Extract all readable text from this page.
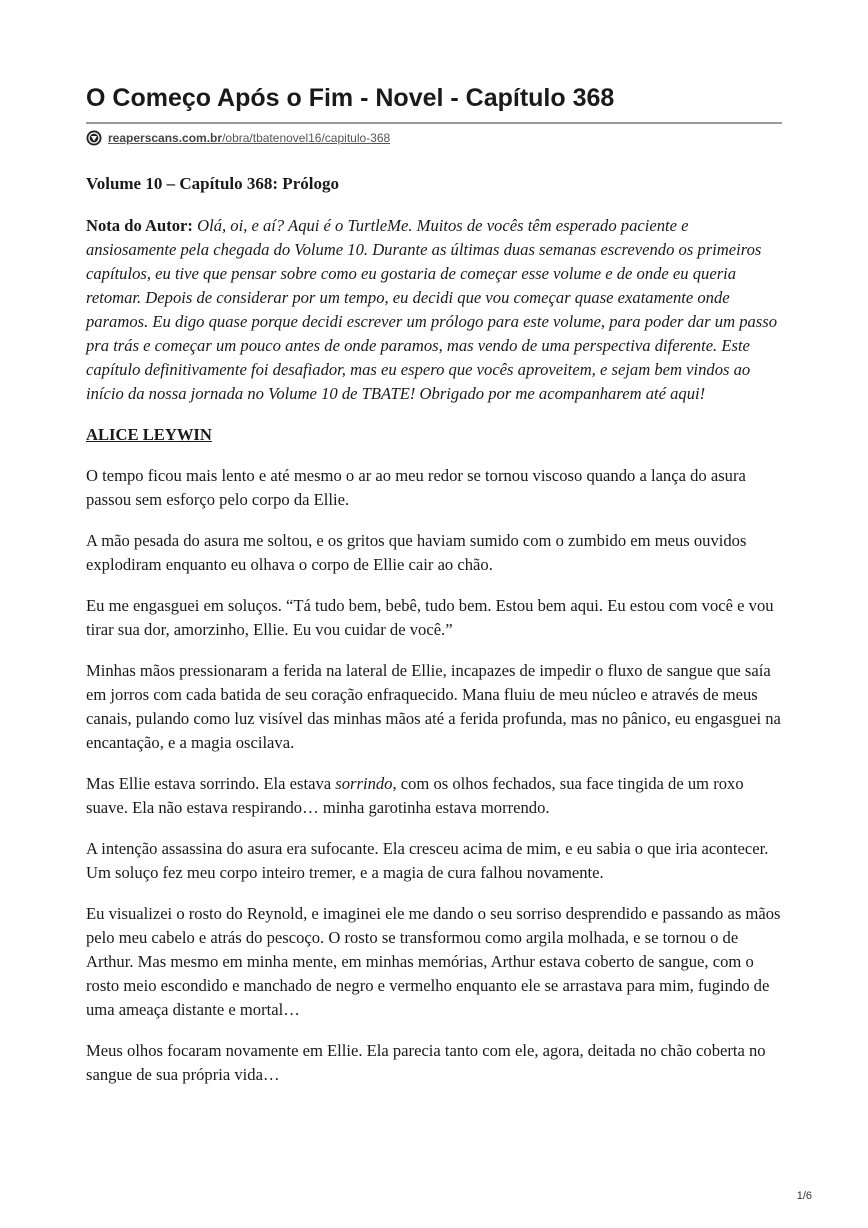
O Começo Após o Fim - Novel - Capítulo 368
reaperscans.com.br/obra/tbatenovel16/capitulo-368
Volume 10 – Capítulo 368: Prólogo

Nota do Autor: Olá, oi, e aí? Aqui é o TurtleMe. Muitos de vocês têm esperado paciente e ansiosamente pela chegada do Volume 10. Durante as últimas duas semanas escrevendo os primeiros capítulos, eu tive que pensar sobre como eu gostaria de começar esse volume e de onde eu queria retomar. Depois de considerar por um tempo, eu decidi que vou começar quase exatamente onde paramos. Eu digo quase porque decidi escrever um prólogo para este volume, para poder dar um passo pra trás e começar um pouco antes de onde paramos, mas vendo de uma perspectiva diferente. Este capítulo definitivamente foi desafiador, mas eu espero que vocês aproveitem, e sejam bem vindos ao início da nossa jornada no Volume 10 de TBATE! Obrigado por me acompanharem até aqui!

ALICE LEYWIN

O tempo ficou mais lento e até mesmo o ar ao meu redor se tornou viscoso quando a lança do asura passou sem esforço pelo corpo da Ellie.

A mão pesada do asura me soltou, e os gritos que haviam sumido com o zumbido em meus ouvidos explodiram enquanto eu olhava o corpo de Ellie cair ao chão.

Eu me engasguei em soluços. “Tá tudo bem, bebê, tudo bem. Estou bem aqui. Eu estou com você e vou tirar sua dor, amorzinho, Ellie. Eu vou cuidar de você.”

Minhas mãos pressionaram a ferida na lateral de Ellie, incapazes de impedir o fluxo de sangue que saía em jorros com cada batida de seu coração enfraquecido. Mana fluiu de meu núcleo e através de meus canais, pulando como luz visível das minhas mãos até a ferida profunda, mas no pânico, eu engasguei na encantação, e a magia oscilava.

Mas Ellie estava sorrindo. Ela estava sorrindo, com os olhos fechados, sua face tingida de um roxo suave. Ela não estava respirando… minha garotinha estava morrendo.

A intenção assassina do asura era sufocante. Ela cresceu acima de mim, e eu sabia o que iria acontecer. Um soluço fez meu corpo inteiro tremer, e a magia de cura falhou novamente.

Eu visualizei o rosto do Reynold, e imaginei ele me dando o seu sorriso desprendido e passando as mãos pelo meu cabelo e atrás do pescoço. O rosto se transformou como argila molhada, e se tornou o de Arthur. Mas mesmo em minha mente, em minhas memórias, Arthur estava coberto de sangue, com o rosto meio escondido e manchado de negro e vermelho enquanto ele se arrastava para mim, fugindo de uma ameaça distante e mortal…

Meus olhos focaram novamente em Ellie. Ela parecia tanto com ele, agora, deitada no chão coberta no sangue de sua própria vida…

1/6
